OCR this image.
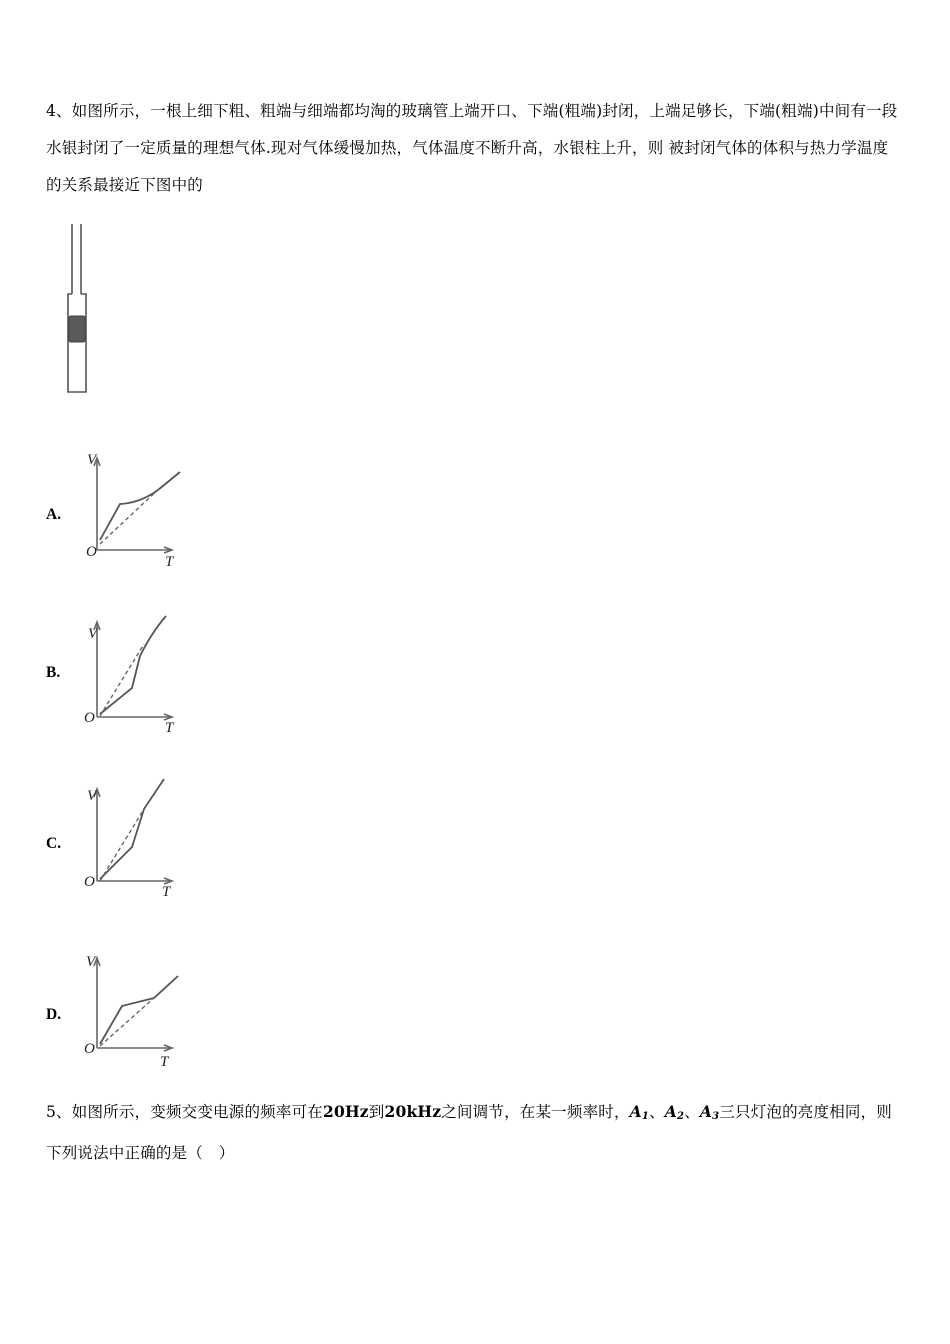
4、如图所示，一根上细下粗、粗端与细端都均淘的玻璃管上端开口、下端(粗端)封闭，上端足够长，下端(粗端)中间有一段水银封闭了一定质量的理想气体.现对气体缓慢加热，气体温度不断升高，水银柱上升，则 被封闭气体的体积与热力学温度的关系最接近下图中的

A.
V
O
T
B.
V
O
T
C.
V
O
T
D.
V
O
T

5、如图所示，变频交变电源的频率可在20Hz到20kHz之间调节，在某一频率时，$A_1$、$A_2$、$A_3$三只灯泡的亮度相同，则下列说法中正确的是（　）
